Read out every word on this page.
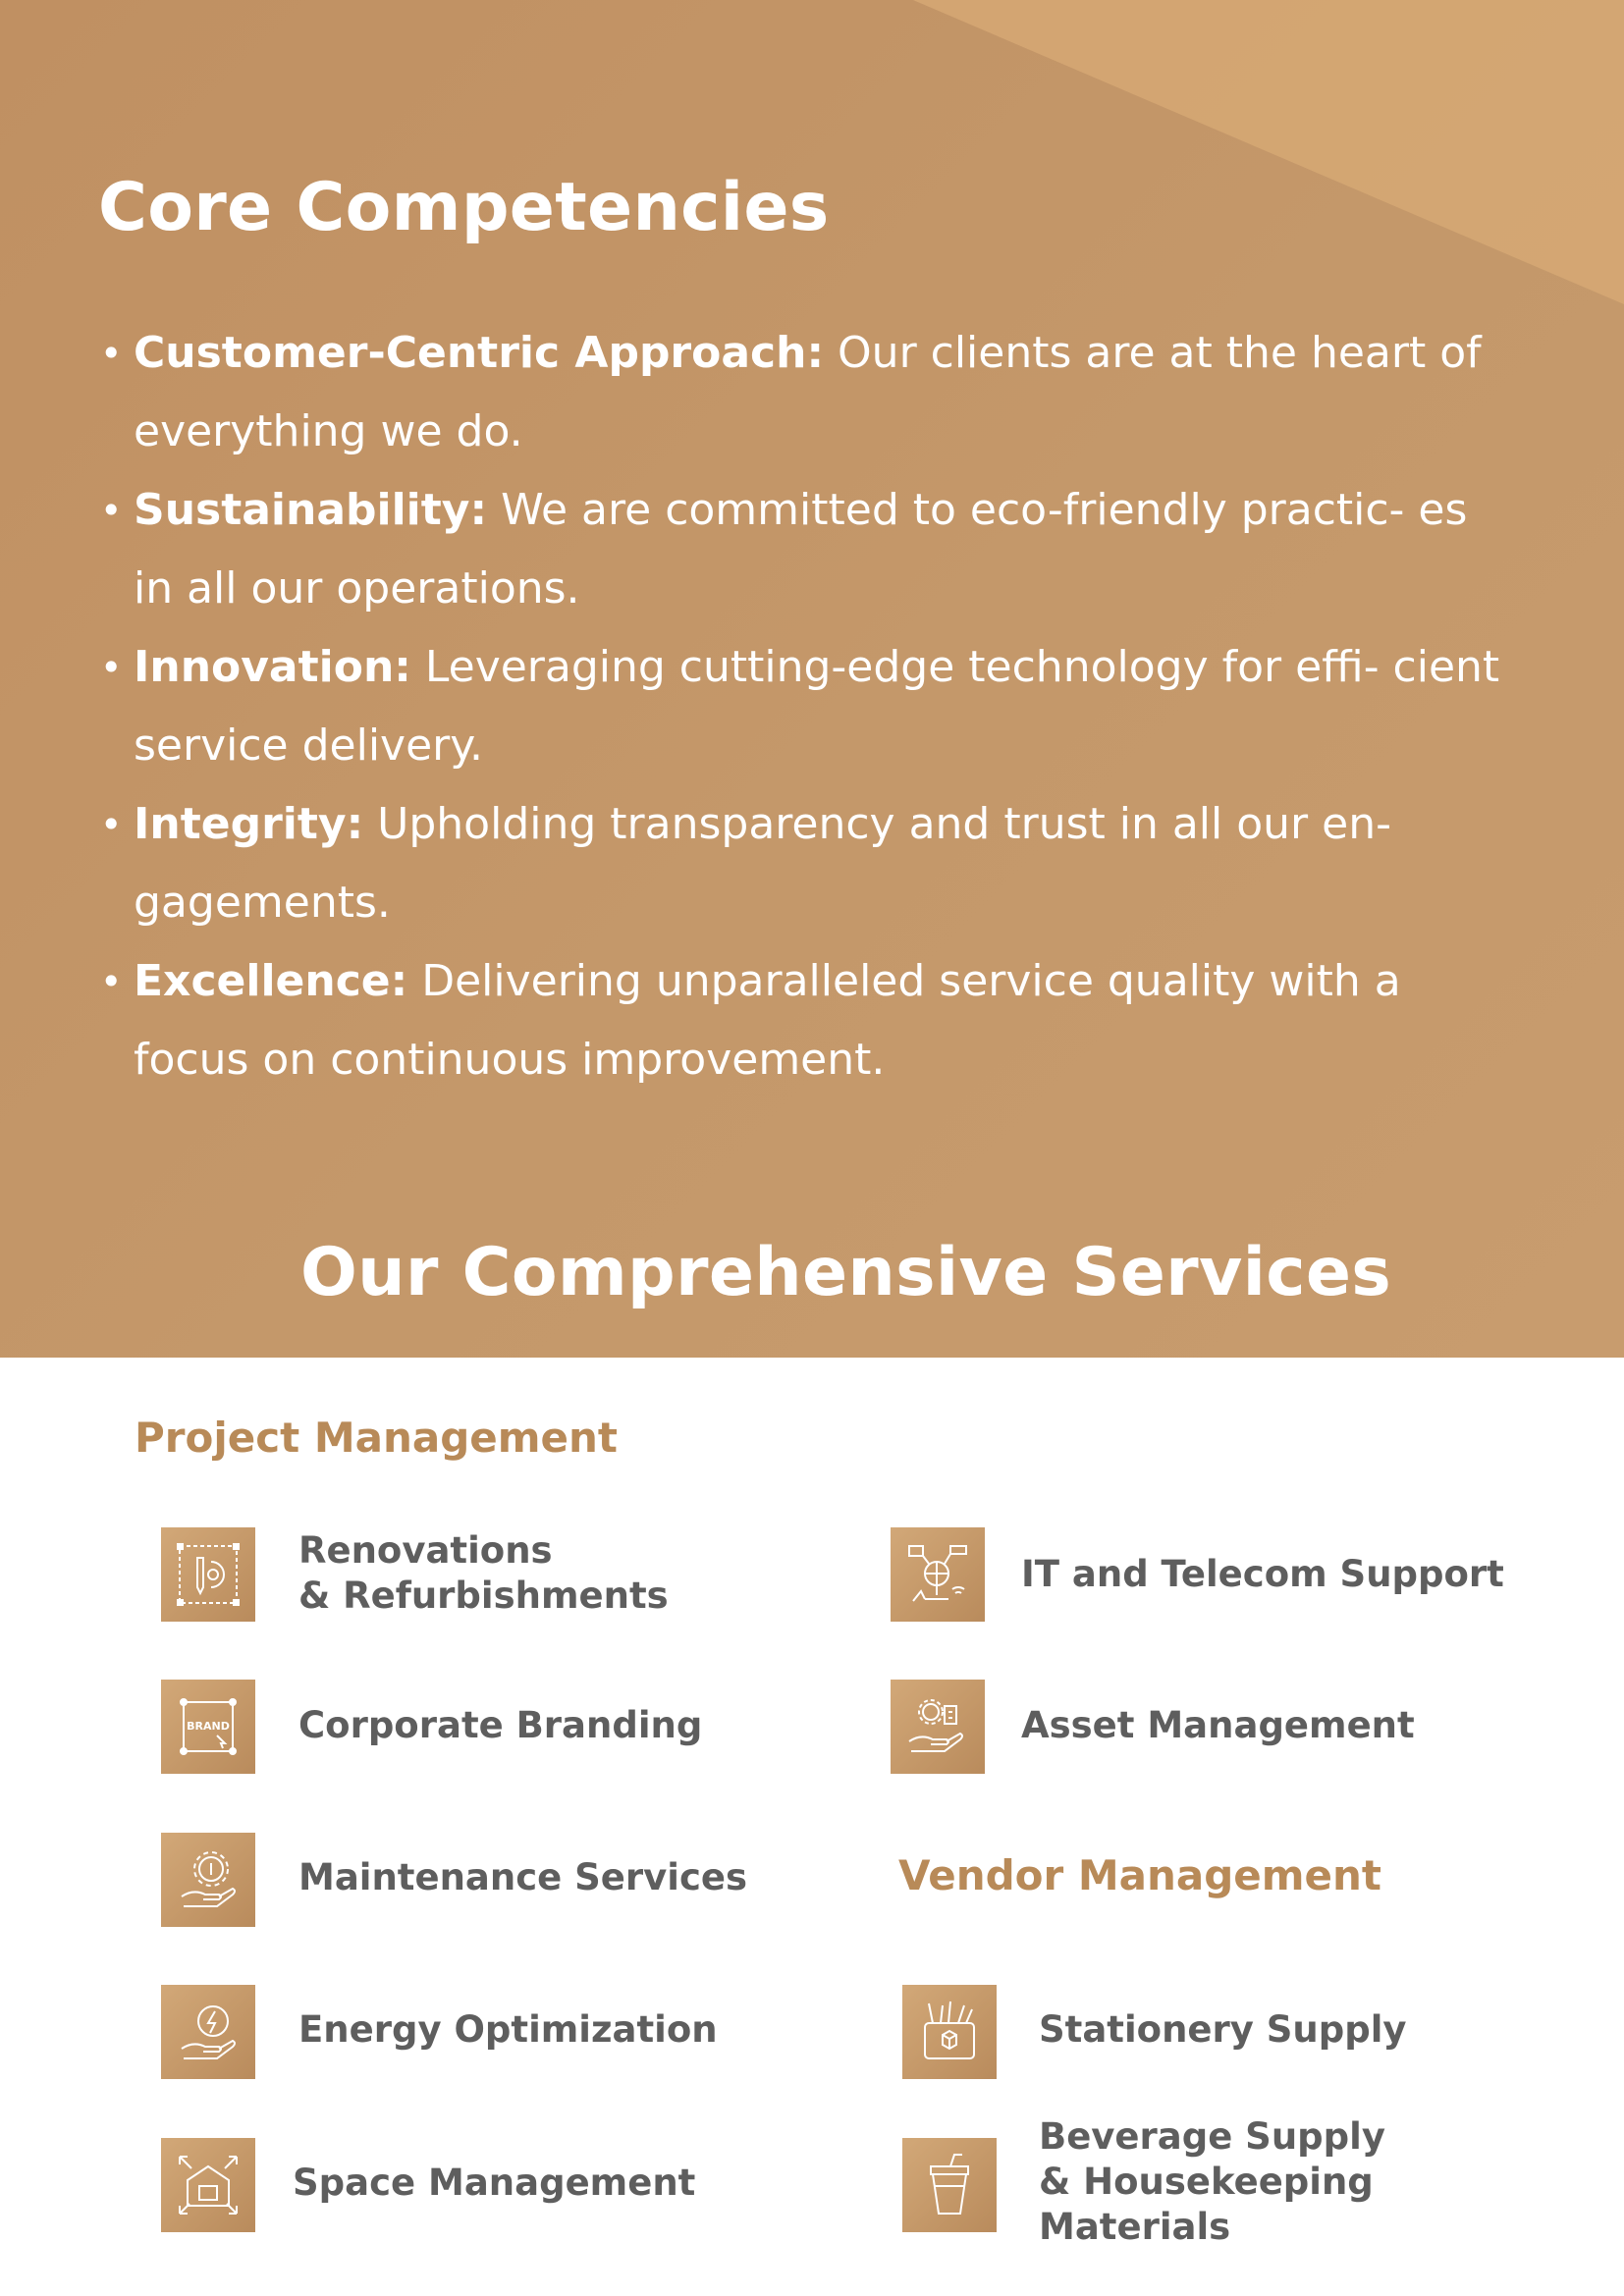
Core Competencies
• Customer-Centric Approach: Our clients are at the heart of everything we do.
• Sustainability: We are committed to eco-friendly practic- es in all our operations.
• Innovation: Leveraging cutting-edge technology for effi- cient service delivery.
• Integrity: Upholding transparency and trust in all our en- gagements.
• Excellence: Delivering unparalleled service quality with a focus on continuous improvement.
Our Comprehensive Services
Project Management
Renovations
& Refurbishments
BRAND Corporate Branding
Maintenance Services
Energy Optimization
Space Management
IT and Telecom Support
Asset Management
Vendor Management
Stationery Supply
Beverage Supply
& Housekeeping
Materials
